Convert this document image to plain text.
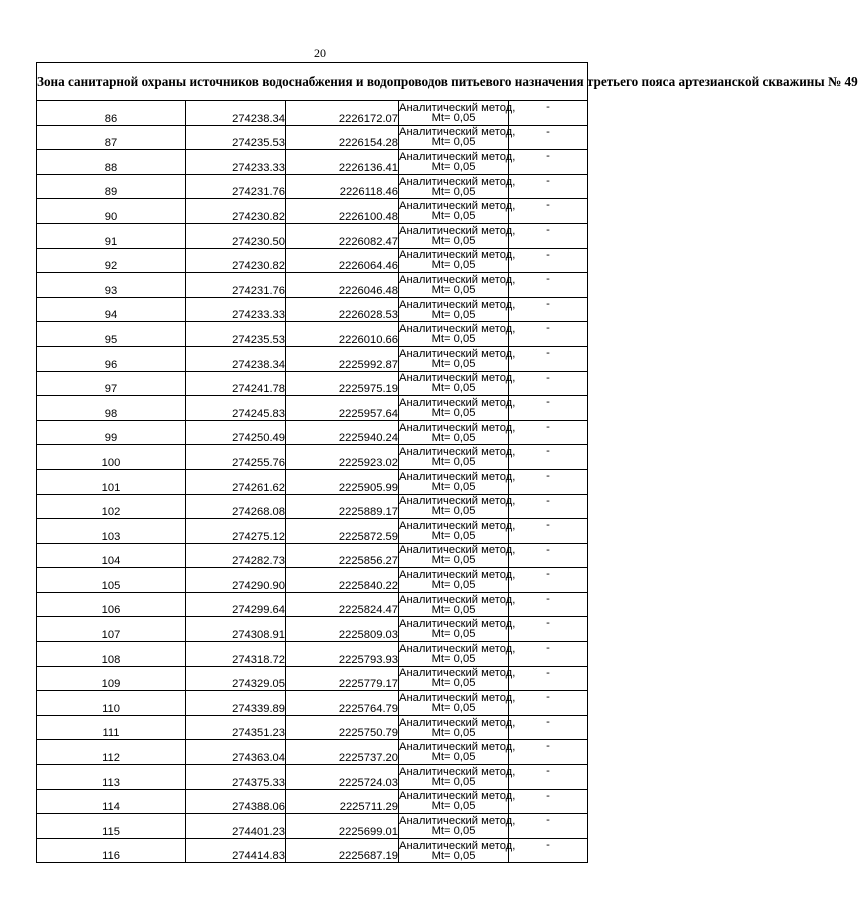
20
Зона санитарной охраны источников водоснабжения и водопроводов питьевого назначения третьего пояса артезианской скважины № 49				
86	274238.34	2226172.07	Аналитический метод,
Mt= 0,05	-
87	274235.53	2226154.28	Аналитический метод,
Mt= 0,05	-
88	274233.33	2226136.41	Аналитический метод,
Mt= 0,05	-
89	274231.76	2226118.46	Аналитический метод,
Mt= 0,05	-
90	274230.82	2226100.48	Аналитический метод,
Mt= 0,05	-
91	274230.50	2226082.47	Аналитический метод,
Mt= 0,05	-
92	274230.82	2226064.46	Аналитический метод,
Mt= 0,05	-
93	274231.76	2226046.48	Аналитический метод,
Mt= 0,05	-
94	274233.33	2226028.53	Аналитический метод,
Mt= 0,05	-
95	274235.53	2226010.66	Аналитический метод,
Mt= 0,05	-
96	274238.34	2225992.87	Аналитический метод,
Mt= 0,05	-
97	274241.78	2225975.19	Аналитический метод,
Mt= 0,05	-
98	274245.83	2225957.64	Аналитический метод,
Mt= 0,05	-
99	274250.49	2225940.24	Аналитический метод,
Mt= 0,05	-
100	274255.76	2225923.02	Аналитический метод,
Mt= 0,05	-
101	274261.62	2225905.99	Аналитический метод,
Mt= 0,05	-
102	274268.08	2225889.17	Аналитический метод,
Mt= 0,05	-
103	274275.12	2225872.59	Аналитический метод,
Mt= 0,05	-
104	274282.73	2225856.27	Аналитический метод,
Mt= 0,05	-
105	274290.90	2225840.22	Аналитический метод,
Mt= 0,05	-
106	274299.64	2225824.47	Аналитический метод,
Mt= 0,05	-
107	274308.91	2225809.03	Аналитический метод,
Mt= 0,05	-
108	274318.72	2225793.93	Аналитический метод,
Mt= 0,05	-
109	274329.05	2225779.17	Аналитический метод,
Mt= 0,05	-
110	274339.89	2225764.79	Аналитический метод,
Mt= 0,05	-
111	274351.23	2225750.79	Аналитический метод,
Mt= 0,05	-
112	274363.04	2225737.20	Аналитический метод,
Mt= 0,05	-
113	274375.33	2225724.03	Аналитический метод,
Mt= 0,05	-
114	274388.06	2225711.29	Аналитический метод,
Mt= 0,05	-
115	274401.23	2225699.01	Аналитический метод,
Mt= 0,05	-
116	274414.83	2225687.19	Аналитический метод,
Mt= 0,05	-
